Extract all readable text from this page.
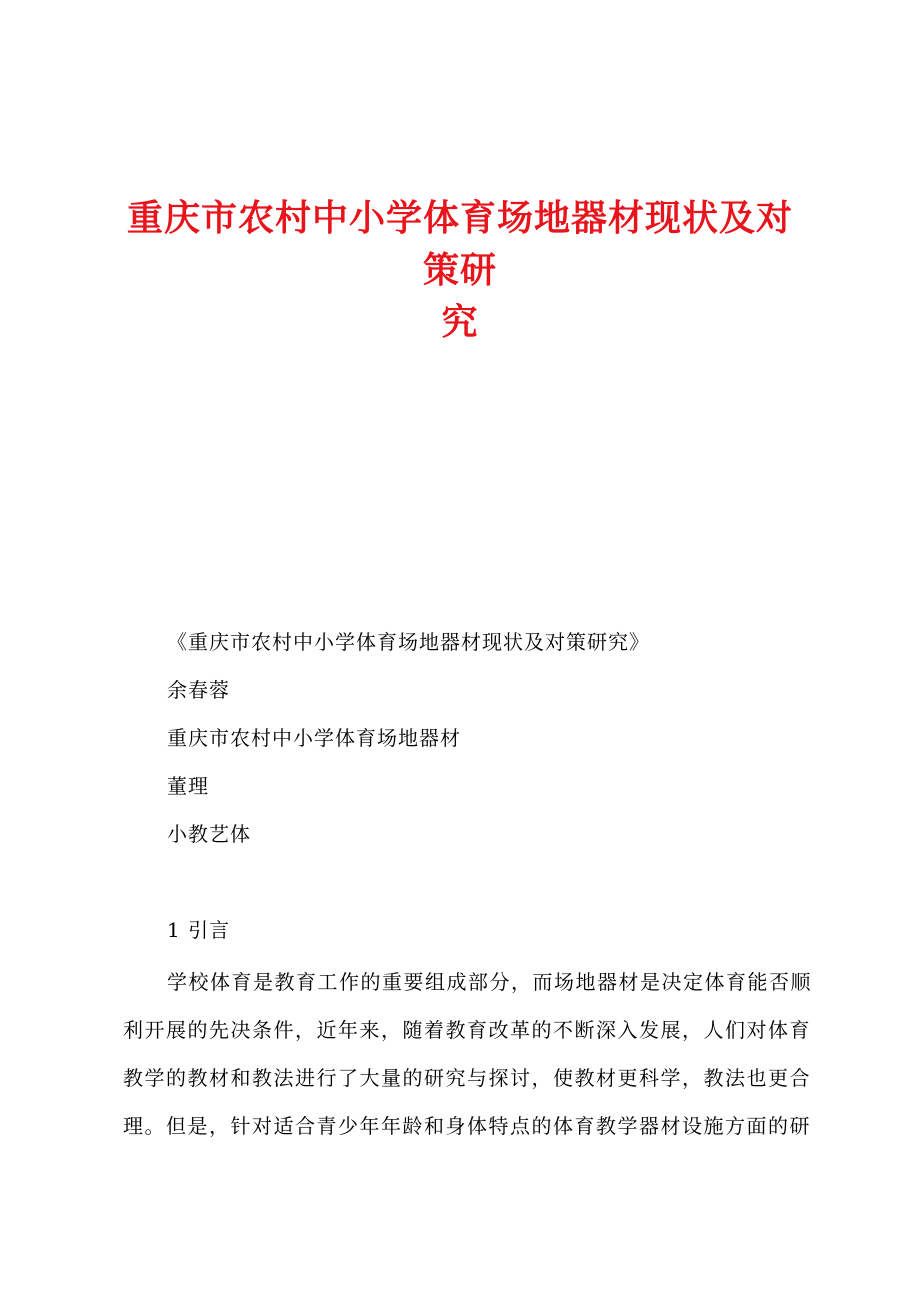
重庆市农村中小学体育场地器材现状及对策研
究
《重庆市农村中小学体育场地器材现状及对策研究》
余春蓉
重庆市农村中小学体育场地器材
董理
小教艺体
1 引言
学校体育是教育工作的重要组成部分，而场地器材是决定体育能否顺
利开展的先决条件，近年来，随着教育改革的不断深入发展，人们对体育
教学的教材和教法进行了大量的研究与探讨，使教材更科学，教法也更合
理。但是，针对适合青少年年龄和身体特点的体育教学器材设施方面的研
